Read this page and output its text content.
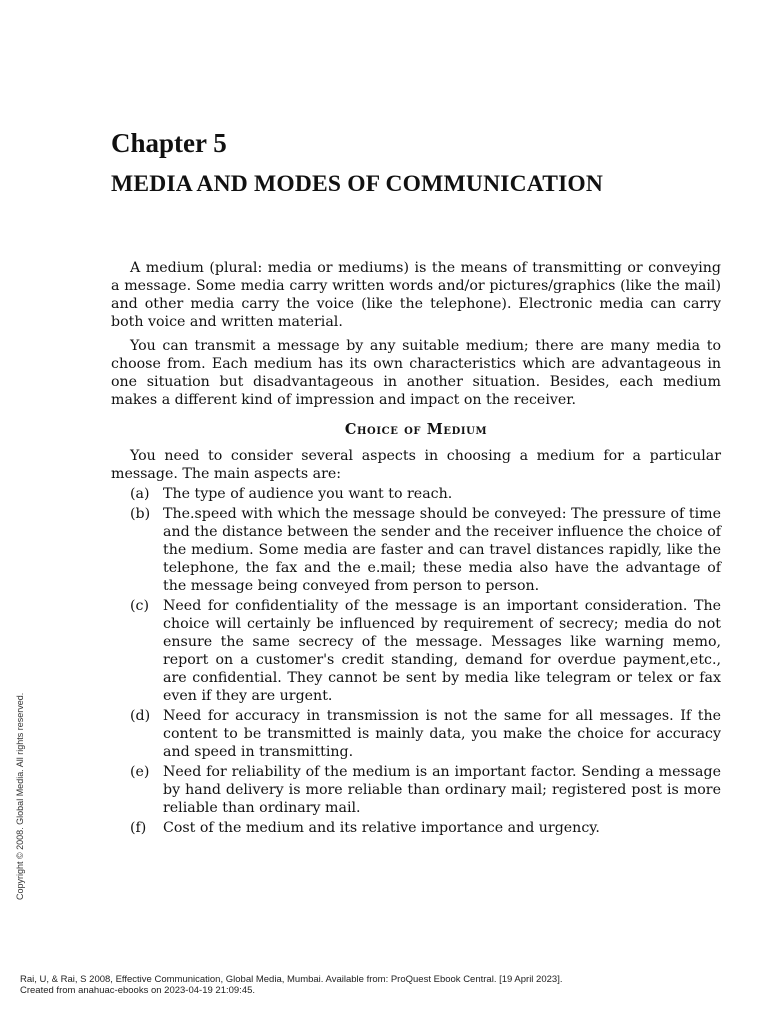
Chapter 5
MEDIA AND MODES OF COMMUNICATION

A medium (plural: media or mediums) is the means of transmitting or conveying a message. Some media carry written words and/or pictures/graphics (like the mail) and other media carry the voice (like the telephone). Electronic media can carry both voice and written material.

You can transmit a message by any suitable medium; there are many media to choose from. Each medium has its own characteristics which are advantageous in one situation but disadvantageous in another situation. Besides, each medium makes a different kind of impression and impact on the receiver.

Choice of Medium

You need to consider several aspects in choosing a medium for a particular message. The main aspects are:

(a) The type of audience you want to reach.
(b) The.speed with which the message should be conveyed: The pressure of time and the distance between the sender and the receiver influence the choice of the medium. Some media are faster and can travel distances rapidly, like the telephone, the fax and the e.mail; these media also have the advantage of the message being conveyed from person to person.
(c) Need for confidentiality of the message is an important consideration. The choice will certainly be influenced by requirement of secrecy; media do not ensure the same secrecy of the message. Messages like warning memo, report on a customer's credit standing, demand for overdue payment,etc., are confidential. They cannot be sent by media like telegram or telex or fax even if they are urgent.
(d) Need for accuracy in transmission is not the same for all messages. If the content to be transmitted is mainly data, you make the choice for accuracy and speed in transmitting.
(e) Need for reliability of the medium is an important factor. Sending a message by hand delivery is more reliable than ordinary mail; registered post is more reliable than ordinary mail.
(f) Cost of the medium and its relative importance and urgency.
Copyright © 2008. Global Media. All rights reserved.
Rai, U, & Rai, S 2008, Effective Communication, Global Media, Mumbai. Available from: ProQuest Ebook Central. [19 April 2023].
Created from anahuac-ebooks on 2023-04-19 21:09:45.
